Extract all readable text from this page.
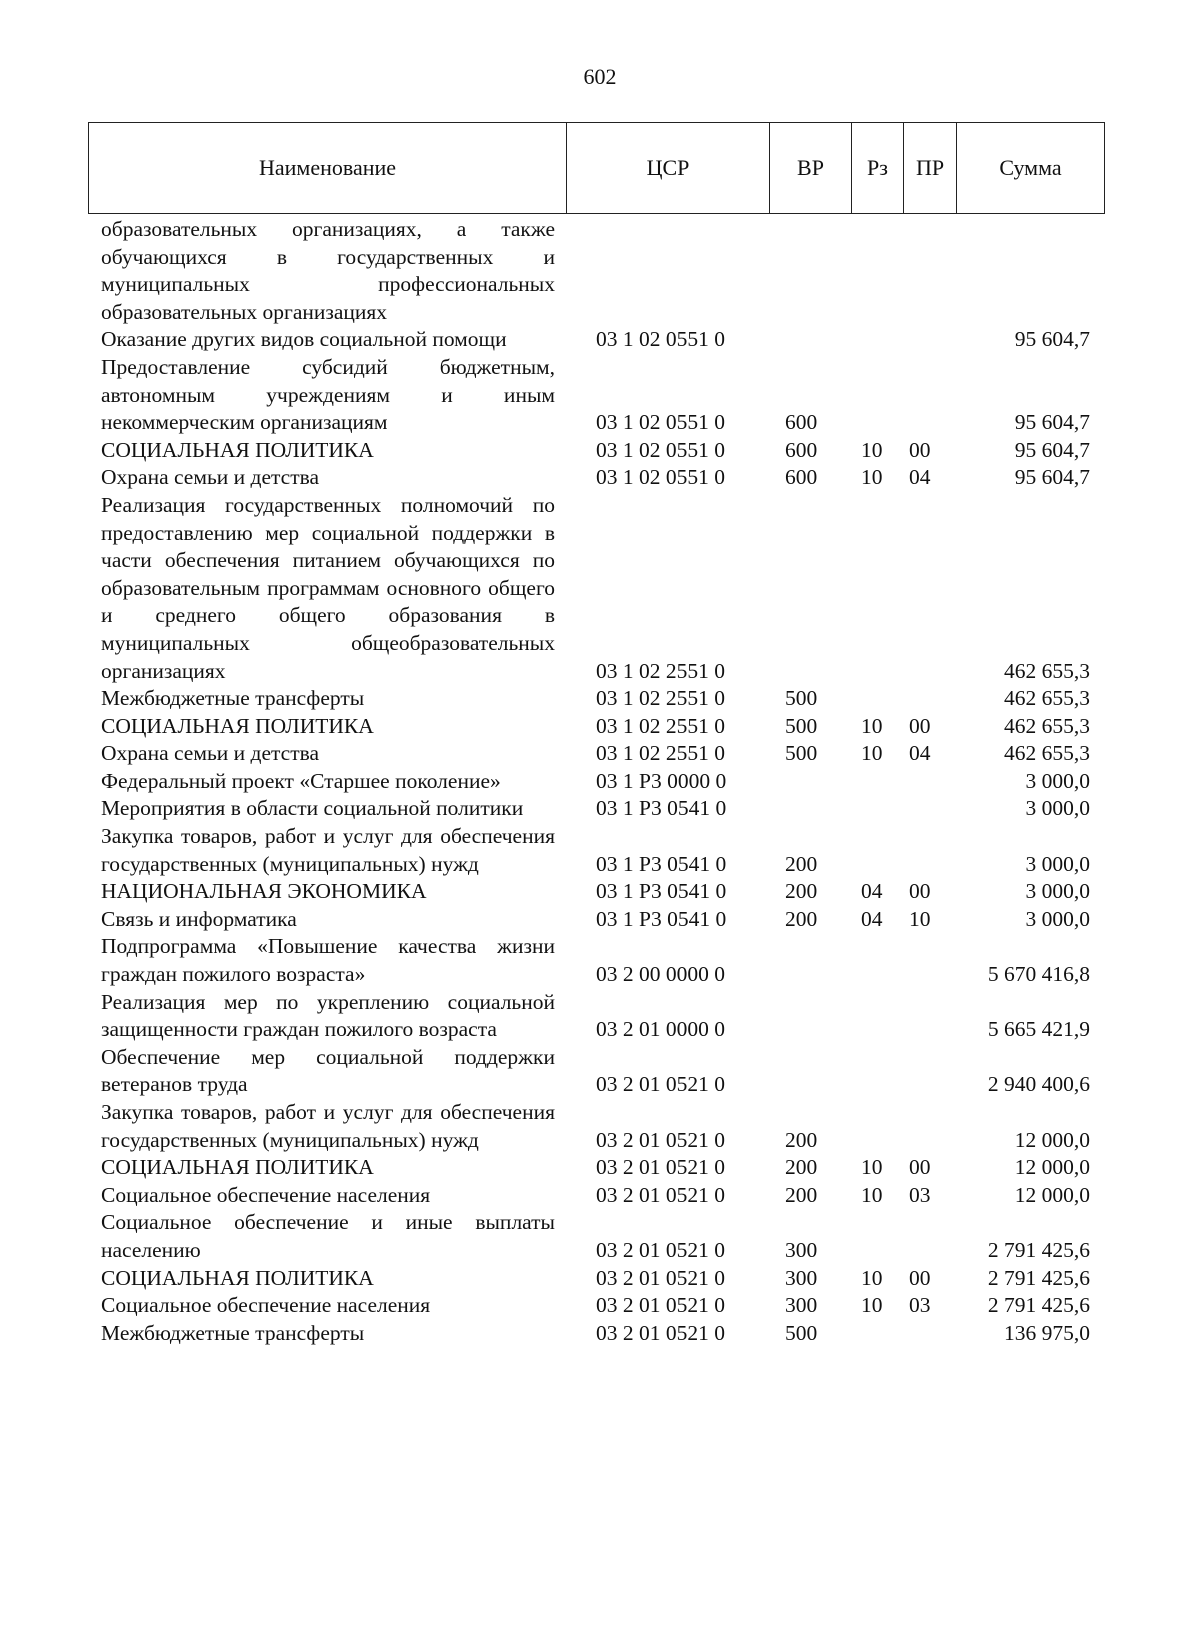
602
Наименование	ЦСР	ВР	Рз	ПР	Сумма
образовательных организациях, а также обучающихся в государственных и муниципальных профессиональных образовательных организациях					
Оказание других видов социальной помощи	03 1 02 0551 0				95 604,7
Предоставление субсидий бюджетным, автономным учреждениям и иным некоммерческим организациям	03 1 02 0551 0	600			95 604,7
СОЦИАЛЬНАЯ ПОЛИТИКА	03 1 02 0551 0	600	10	00	95 604,7
Охрана семьи и детства	03 1 02 0551 0	600	10	04	95 604,7
Реализация государственных полномочий по предоставлению мер социальной поддержки в части обеспечения питанием обучающихся по образовательным программам основного общего и среднего общего образования в муниципальных общеобразовательных организациях	03 1 02 2551 0				462 655,3
Межбюджетные трансферты	03 1 02 2551 0	500			462 655,3
СОЦИАЛЬНАЯ ПОЛИТИКА	03 1 02 2551 0	500	10	00	462 655,3
Охрана семьи и детства	03 1 02 2551 0	500	10	04	462 655,3
Федеральный проект «Старшее поколение»	03 1 P3 0000 0				3 000,0
Мероприятия в области социальной политики	03 1 P3 0541 0				3 000,0
Закупка товаров, работ и услуг для обеспечения государственных (муниципальных) нужд	03 1 P3 0541 0	200			3 000,0
НАЦИОНАЛЬНАЯ ЭКОНОМИКА	03 1 P3 0541 0	200	04	00	3 000,0
Связь и информатика	03 1 P3 0541 0	200	04	10	3 000,0
Подпрограмма «Повышение качества жизни граждан пожилого возраста»	03 2 00 0000 0				5 670 416,8
Реализация мер по укреплению социальной защищенности граждан пожилого возраста	03 2 01 0000 0				5 665 421,9
Обеспечение мер социальной поддержки ветеранов труда	03 2 01 0521 0				2 940 400,6
Закупка товаров, работ и услуг для обеспечения государственных (муниципальных) нужд	03 2 01 0521 0	200			12 000,0
СОЦИАЛЬНАЯ ПОЛИТИКА	03 2 01 0521 0	200	10	00	12 000,0
Социальное обеспечение населения	03 2 01 0521 0	200	10	03	12 000,0
Социальное обеспечение и иные выплаты населению	03 2 01 0521 0	300			2 791 425,6
СОЦИАЛЬНАЯ ПОЛИТИКА	03 2 01 0521 0	300	10	00	2 791 425,6
Социальное обеспечение населения	03 2 01 0521 0	300	10	03	2 791 425,6
Межбюджетные трансферты	03 2 01 0521 0	500			136 975,0
